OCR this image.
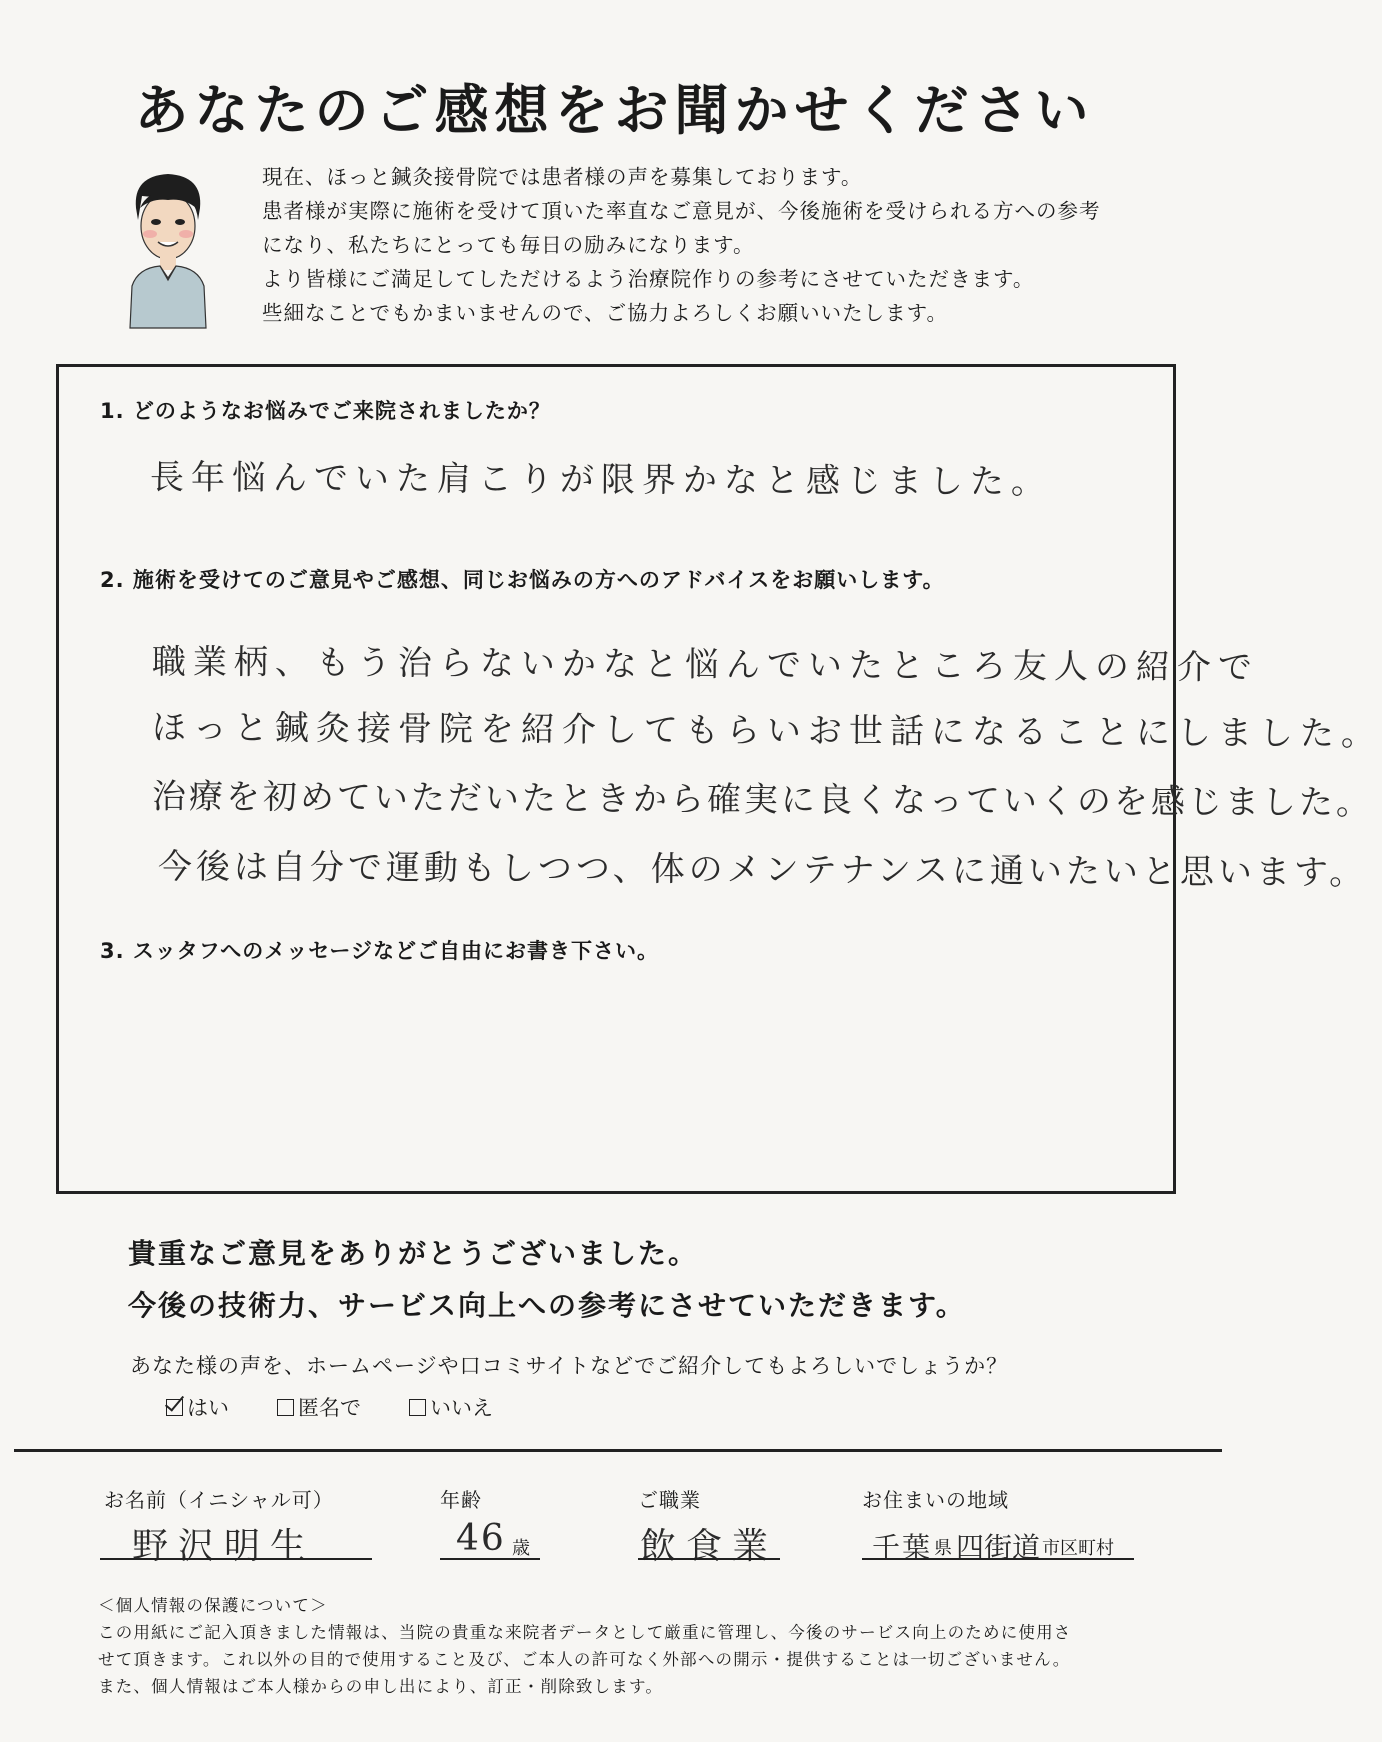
あなたのご感想をお聞かせください
現在、ほっと鍼灸接骨院では患者様の声を募集しております。
患者様が実際に施術を受けて頂いた率直なご意見が、今後施術を受けられる方への参考
になり、私たちにとっても毎日の励みになります。
より皆様にご満足してしただけるよう治療院作りの参考にさせていただきます。
些細なことでもかまいませんので、ご協力よろしくお願いいたします。
1. どのようなお悩みでご来院されましたか？
長年悩んでいた肩こりが限界かなと感じました。
2. 施術を受けてのご意見やご感想、同じお悩みの方へのアドバイスをお願いします。
職業柄、もう治らないかなと悩んでいたところ友人の紹介で
ほっと鍼灸接骨院を紹介してもらいお世話になることにしました。
治療を初めていただいたときから確実に良くなっていくのを感じました。
今後は自分で運動もしつつ、体のメンテナンスに通いたいと思います。
3. スッタフへのメッセージなどご自由にお書き下さい。
貴重なご意見をありがとうございました。
今後の技術力、サービス向上への参考にさせていただきます。
あなた様の声を、ホームページや口コミサイトなどでご紹介してもよろしいでしょうか？
はい	匿名で	いいえ
お名前（イニシャル可）
野沢明生
年齢
46 歳
ご職業
飲食業
お住まいの地域
千葉 県 四街道 市区町村
＜個人情報の保護について＞
この用紙にご記入頂きました情報は、当院の貴重な来院者データとして厳重に管理し、今後のサービス向上のために使用さ
せて頂きます。これ以外の目的で使用すること及び、ご本人の許可なく外部への開示・提供することは一切ございません。
また、個人情報はご本人様からの申し出により、訂正・削除致します。
